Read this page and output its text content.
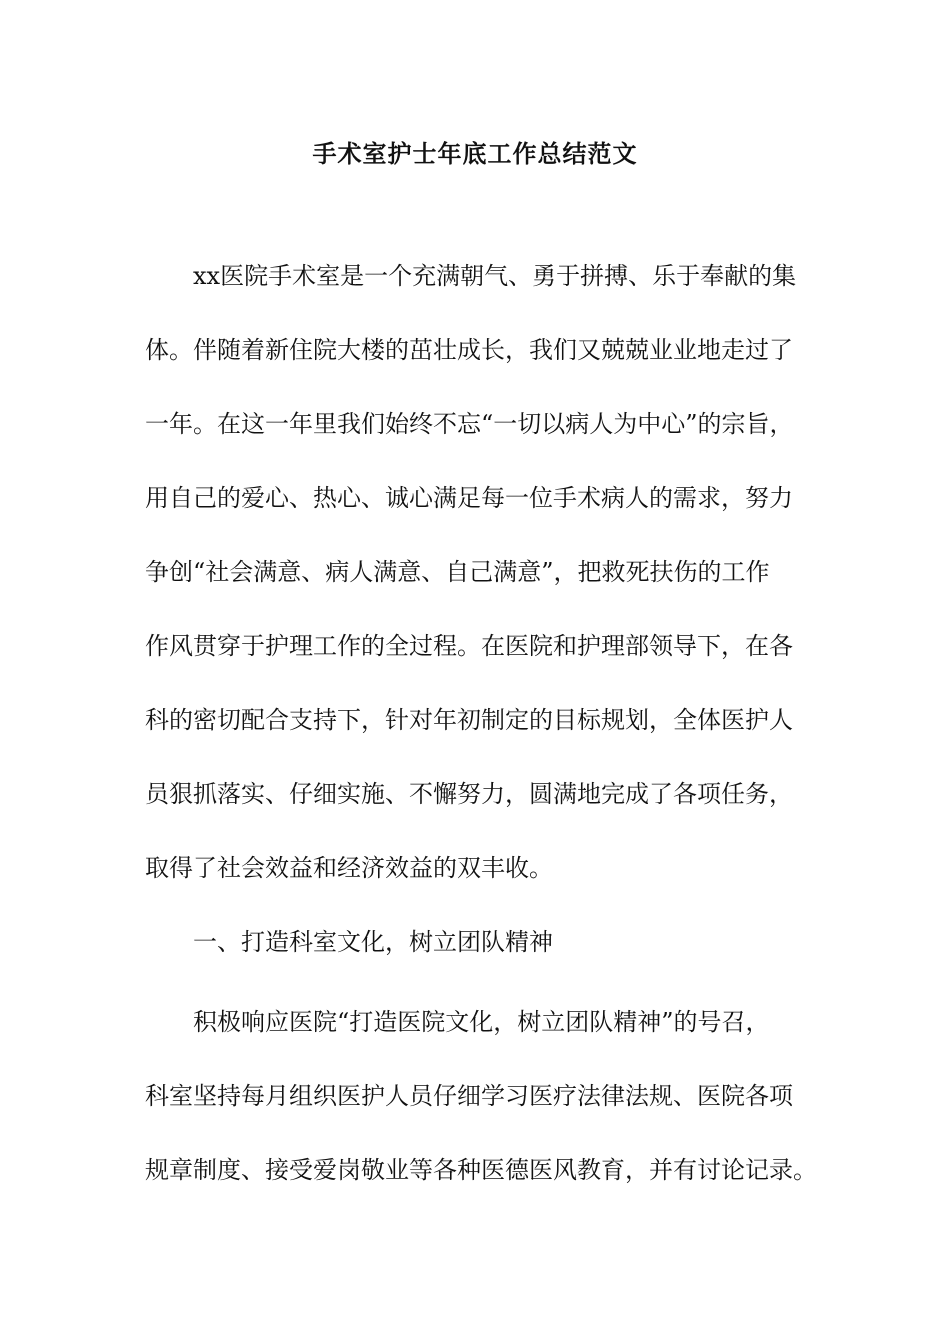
手术室护士年底工作总结范文
xx医院手术室是一个充满朝气、勇于拼搏、乐于奉献的集
体。伴随着新住院大楼的茁壮成长，我们又兢兢业业地走过了
一年。在这一年里我们始终不忘“一切以病人为中心”的宗旨，
用自己的爱心、热心、诚心满足每一位手术病人的需求，努力
争创“社会满意、病人满意、自己满意”，把救死扶伤的工作
作风贯穿于护理工作的全过程。在医院和护理部领导下，在各
科的密切配合支持下，针对年初制定的目标规划，全体医护人
员狠抓落实、仔细实施、不懈努力，圆满地完成了各项任务，
取得了社会效益和经济效益的双丰收。
一、打造科室文化，树立团队精神
积极响应医院“打造医院文化，树立团队精神”的号召，
科室坚持每月组织医护人员仔细学习医疗法律法规、医院各项
规章制度、接受爱岗敬业等各种医德医风教育，并有讨论记录。
